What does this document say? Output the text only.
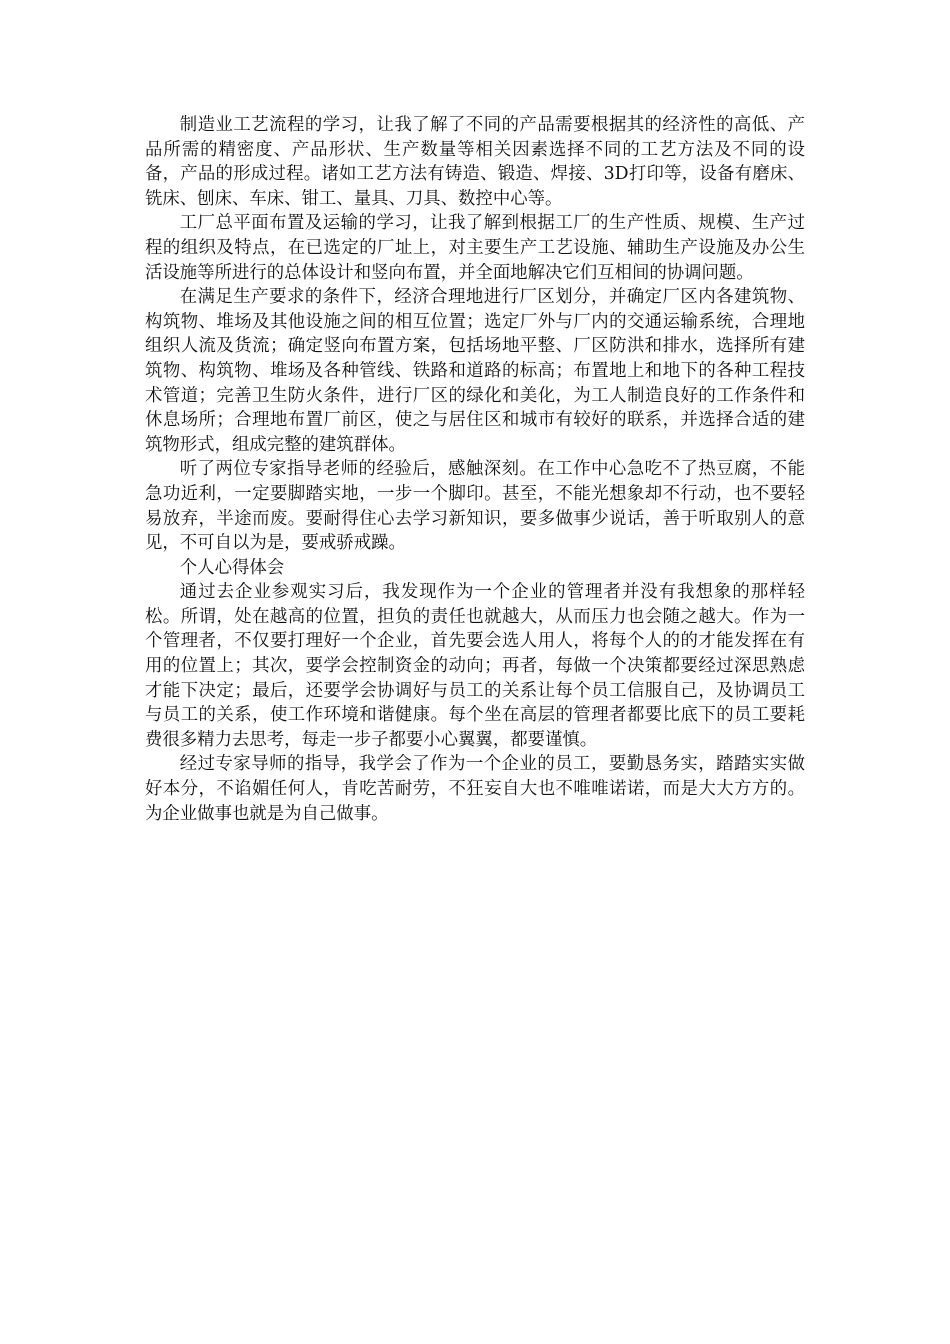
制造业工艺流程的学习，让我了解了不同的产品需要根据其的经济性的高低、产品所需的精密度、产品形状、生产数量等相关因素选择不同的工艺方法及不同的设备，产品的形成过程。诸如工艺方法有铸造、锻造、焊接、3D打印等，设备有磨床、铣床、刨床、车床、钳工、量具、刀具、数控中心等。

工厂总平面布置及运输的学习，让我了解到根据工厂的生产性质、规模、生产过程的组织及特点，在已选定的厂址上，对主要生产工艺设施、辅助生产设施及办公生活设施等所进行的总体设计和竖向布置，并全面地解决它们互相间的协调问题。

在满足生产要求的条件下，经济合理地进行厂区划分，并确定厂区内各建筑物、构筑物、堆场及其他设施之间的相互位置；选定厂外与厂内的交通运输系统，合理地组织人流及货流；确定竖向布置方案，包括场地平整、厂区防洪和排水，选择所有建筑物、构筑物、堆场及各种管线、铁路和道路的标高；布置地上和地下的各种工程技术管道；完善卫生防火条件，进行厂区的绿化和美化，为工人制造良好的工作条件和休息场所；合理地布置厂前区，使之与居住区和城市有较好的联系，并选择合适的建筑物形式，组成完整的建筑群体。

听了两位专家指导老师的经验后，感触深刻。在工作中心急吃不了热豆腐，不能急功近利，一定要脚踏实地，一步一个脚印。甚至，不能光想象却不行动，也不要轻易放弃，半途而废。要耐得住心去学习新知识，要多做事少说话，善于听取别人的意见，不可自以为是，要戒骄戒躁。

个人心得体会

通过去企业参观实习后，我发现作为一个企业的管理者并没有我想象的那样轻松。所谓，处在越高的位置，担负的责任也就越大，从而压力也会随之越大。作为一个管理者，不仅要打理好一个企业，首先要会选人用人，将每个人的的才能发挥在有用的位置上；其次，要学会控制资金的动向；再者，每做一个决策都要经过深思熟虑才能下决定；最后，还要学会协调好与员工的关系让每个员工信服自己，及协调员工与员工的关系，使工作环境和谐健康。每个坐在高层的管理者都要比底下的员工要耗费很多精力去思考，每走一步子都要小心翼翼，都要谨慎。

经过专家导师的指导，我学会了作为一个企业的员工，要勤恳务实，踏踏实实做好本分，不谄媚任何人，肯吃苦耐劳，不狂妄自大也不唯唯诺诺，而是大大方方的。为企业做事也就是为自己做事。
